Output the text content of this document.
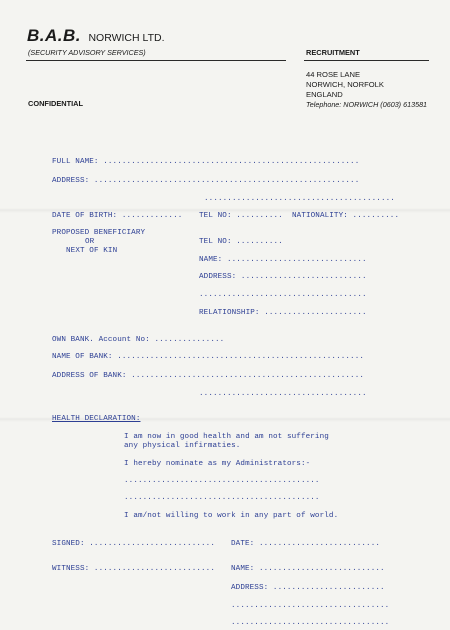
B.A.B. NORWICH LTD.
(SECURITY ADVISORY SERVICES)	RECRUITMENT
44 ROSE LANE
NORWICH, NORFOLK
ENGLAND
Telephone: NORWICH (0603) 613581
CONFIDENTIAL
FULL NAME: .......................................................
ADDRESS: .........................................................
.........................................
DATE OF BIRTH: ............. TEL NO: .......... NATIONALITY: ..........
PROPOSED BENEFICIARY
OR
NEXT OF KIN
TEL NO: ..........
NAME: ..............................
ADDRESS: ...........................
....................................
RELATIONSHIP: ......................
OWN BANK. Account No: ...............
NAME OF BANK: .....................................................
ADDRESS OF BANK: ..................................................
....................................
HEALTH DECLARATION:
I am now in good health and am not suffering
any physical infirmaties.
I hereby nominate as my Administrators:-
..........................................
..........................................
I am/not willing to work in any part of world.
SIGNED: ........................... DATE: ..........................
WITNESS: .......................... NAME: ...........................
ADDRESS: ........................
..................................
..................................
